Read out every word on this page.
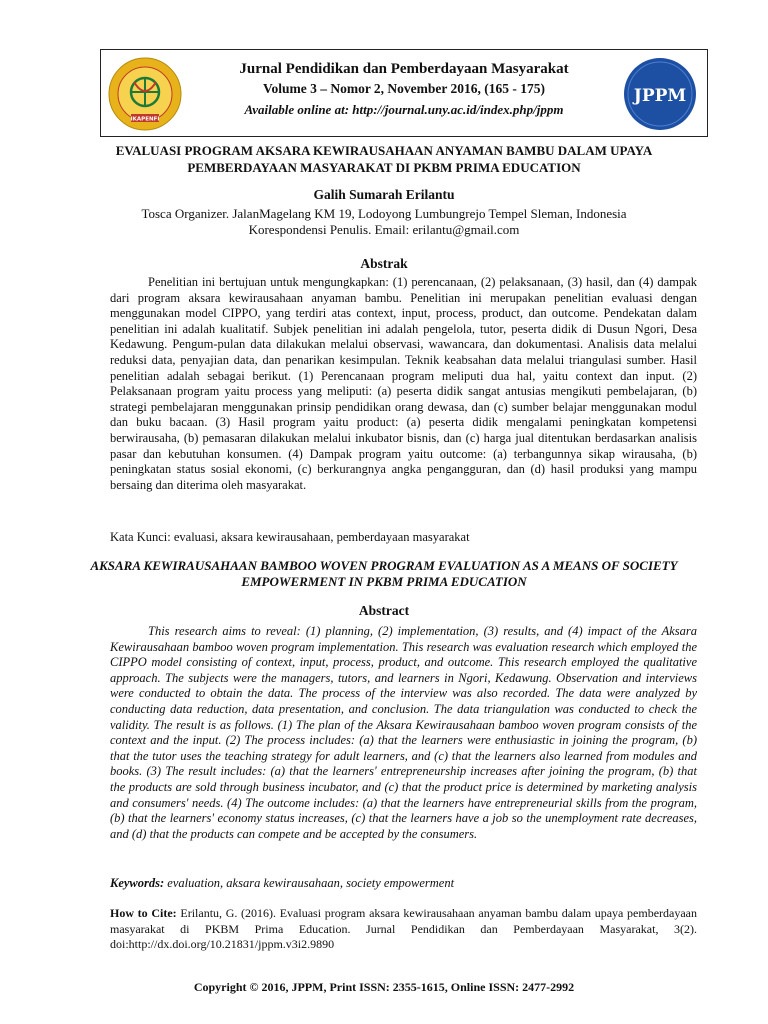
IKAPENFI
Jurnal Pendidikan dan Pemberdayaan Masyarakat
Volume 3 – Nomor 2, November 2016, (165 - 175)
Available online at: http://journal.uny.ac.id/index.php/jppm
JPPM
EVALUASI PROGRAM AKSARA KEWIRAUSAHAAN ANYAMAN BAMBU DALAM UPAYA PEMBERDAYAAN MASYARAKAT DI PKBM PRIMA EDUCATION
Galih Sumarah Erilantu
Tosca Organizer. JalanMagelang KM 19, Lodoyong Lumbungrejo Tempel Sleman, Indonesia
Korespondensi Penulis. Email: erilantu@gmail.com
Abstrak
Penelitian ini bertujuan untuk mengungkapkan: (1) perencanaan, (2) pelaksanaan, (3) hasil, dan (4) dampak dari program aksara kewirausahaan anyaman bambu. Penelitian ini merupakan penelitian evaluasi dengan menggunakan model CIPPO, yang terdiri atas context, input, process, product, dan outcome. Pendekatan dalam penelitian ini adalah kualitatif. Subjek penelitian ini adalah pengelola, tutor, peserta didik di Dusun Ngori, Desa Kedawung. Pengum-pulan data dilakukan melalui observasi, wawancara, dan dokumentasi. Analisis data melalui reduksi data, penyajian data, dan penarikan kesimpulan. Teknik keabsahan data melalui triangulasi sumber. Hasil penelitian adalah sebagai berikut. (1) Perencanaan program meliputi dua hal, yaitu context dan input. (2) Pelaksanaan program yaitu process yang meliputi: (a) peserta didik sangat antusias mengikuti pembelajaran, (b) strategi pembelajaran menggunakan prinsip pendidikan orang dewasa, dan (c) sumber belajar menggunakan modul dan buku bacaan. (3) Hasil program yaitu product: (a) peserta didik mengalami peningkatan kompetensi berwirausaha, (b) pemasaran dilakukan melalui inkubator bisnis, dan (c) harga jual ditentukan berdasarkan analisis pasar dan kebutuhan konsumen. (4) Dampak program yaitu outcome: (a) terbangunnya sikap wirausaha, (b) peningkatan status sosial ekonomi, (c) berkurangnya angka pengangguran, dan (d) hasil produksi yang mampu bersaing dan diterima oleh masyarakat.
Kata Kunci: evaluasi, aksara kewirausahaan, pemberdayaan masyarakat
AKSARA KEWIRAUSAHAAN BAMBOO WOVEN PROGRAM EVALUATION AS A MEANS OF SOCIETY EMPOWERMENT IN PKBM PRIMA EDUCATION
Abstract
This research aims to reveal: (1) planning, (2) implementation, (3) results, and (4) impact of the Aksara Kewirausahaan bamboo woven program implementation. This research was evaluation research which employed the CIPPO model consisting of context, input, process, product, and outcome. This research employed the qualitative approach. The subjects were the managers, tutors, and learners in Ngori, Kedawung. Observation and interviews were conducted to obtain the data. The process of the interview was also recorded. The data were analyzed by conducting data reduction, data presentation, and conclusion. The data triangulation was conducted to check the validity. The result is as follows. (1) The plan of the Aksara Kewirausahaan bamboo woven program consists of the context and the input. (2) The process includes: (a) that the learners were enthusiastic in joining the program, (b) that the tutor uses the teaching strategy for adult learners, and (c) that the learners also learned from modules and books. (3) The result includes: (a) that the learners' entrepreneurship increases after joining the program, (b) that the products are sold through business incubator, and (c) that the product price is determined by marketing analysis and consumers' needs. (4) The outcome includes: (a) that the learners have entrepreneurial skills from the program, (b) that the learners' economy status increases, (c) that the learners have a job so the unemployment rate decreases, and (d) that the products can compete and be accepted by the consumers.
Keywords: evaluation, aksara kewirausahaan, society empowerment
How to Cite: Erilantu, G. (2016). Evaluasi program aksara kewirausahaan anyaman bambu dalam upaya pemberdayaan masyarakat di PKBM Prima Education. Jurnal Pendidikan dan Pemberdayaan Masyarakat, 3(2). doi:http://dx.doi.org/10.21831/jppm.v3i2.9890
Copyright © 2016, JPPM, Print ISSN: 2355-1615, Online ISSN: 2477-2992
